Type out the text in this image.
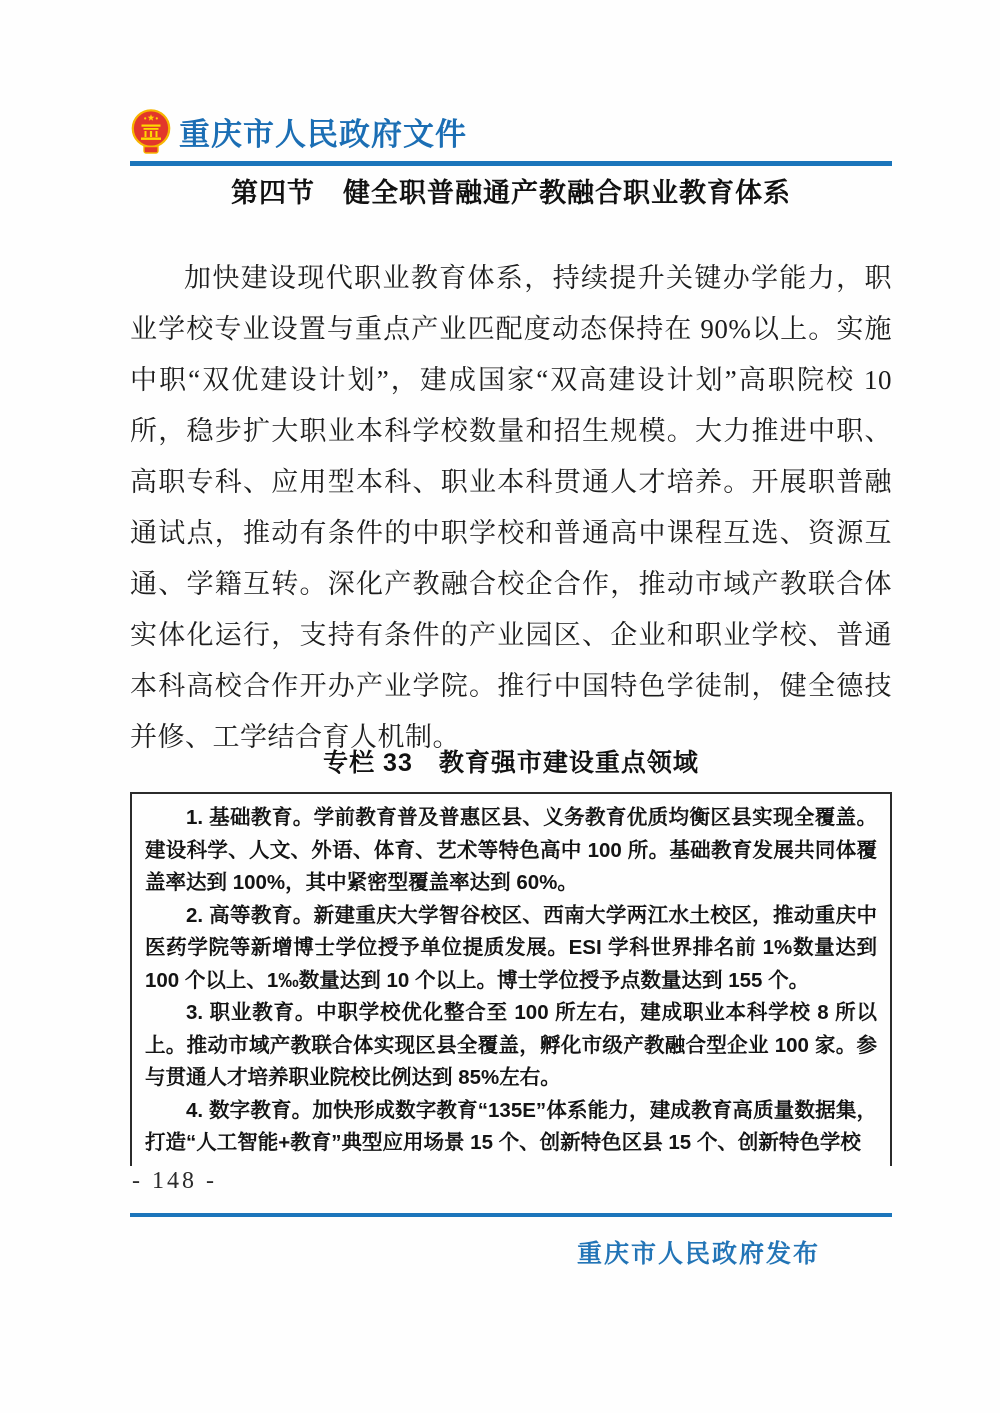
重庆市人民政府文件
第四节　健全职普融通产教融合职业教育体系

加快建设现代职业教育体系，持续提升关键办学能力，职业学校专业设置与重点产业匹配度动态保持在 90%以上。实施中职“双优建设计划”，建成国家“双高建设计划”高职院校 10 所，稳步扩大职业本科学校数量和招生规模。大力推进中职、高职专科、应用型本科、职业本科贯通人才培养。开展职普融通试点，推动有条件的中职学校和普通高中课程互选、资源互通、学籍互转。深化产教融合校企合作，推动市域产教联合体实体化运行，支持有条件的产业园区、企业和职业学校、普通本科高校合作开办产业学院。推行中国特色学徒制，健全德技并修、工学结合育人机制。

专栏 33　教育强市建设重点领域

1. 基础教育。学前教育普及普惠区县、义务教育优质均衡区县实现全覆盖。建设科学、人文、外语、体育、艺术等特色高中 100 所。基础教育发展共同体覆盖率达到 100%，其中紧密型覆盖率达到 60%。

2. 高等教育。新建重庆大学智谷校区、西南大学两江水土校区，推动重庆中医药学院等新增博士学位授予单位提质发展。ESI 学科世界排名前 1%数量达到 100 个以上、1‰数量达到 10 个以上。博士学位授予点数量达到 155 个。

3. 职业教育。中职学校优化整合至 100 所左右，建成职业本科学校 8 所以上。推动市域产教联合体实现区县全覆盖，孵化市级产教融合型企业 100 家。参与贯通人才培养职业院校比例达到 85%左右。

4. 数字教育。加快形成数字教育“135E”体系能力，建成教育高质量数据集，打造“人工智能+教育”典型应用场景 15 个、创新特色区县 15 个、创新特色学校

- 148 -
重庆市人民政府发布
